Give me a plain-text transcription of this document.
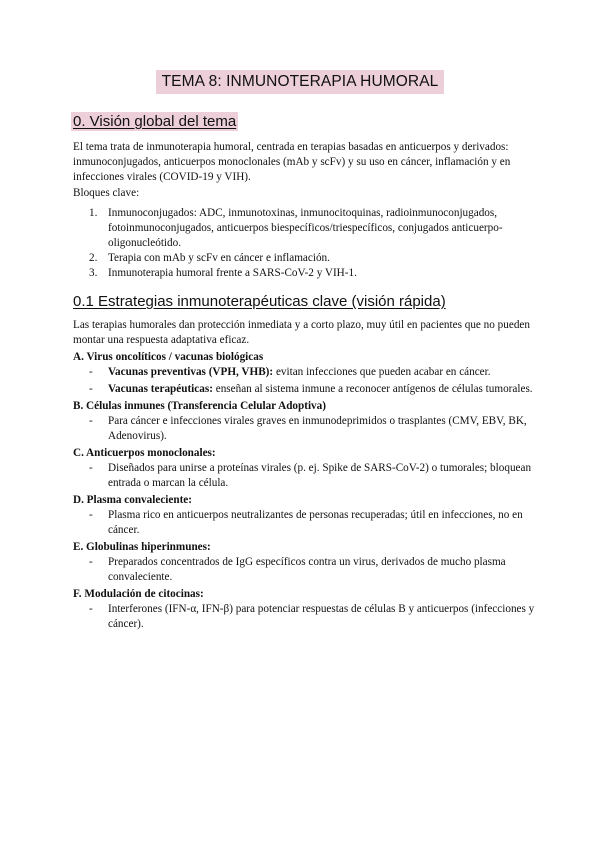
TEMA 8: INMUNOTERAPIA HUMORAL
0. Visión global del tema

El tema trata de inmunoterapia humoral, centrada en terapias basadas en anticuerpos y derivados: inmunoconjugados, anticuerpos monoclonales (mAb y scFv) y su uso en cáncer, inflamación y en infecciones virales (COVID-19 y VIH).

Bloques clave:

1. Inmunoconjugados: ADC, inmunotoxinas, inmunocitoquinas, radioinmunoconjugados, fotoinmunoconjugados, anticuerpos biespecíficos/triespecíficos, conjugados anticuerpo-oligonucleótido.
2. Terapia con mAb y scFv en cáncer e inflamación.
3. Inmunoterapia humoral frente a SARS-CoV-2 y VIH-1.
0.1 Estrategias inmunoterapéuticas clave (visión rápida)

Las terapias humorales dan protección inmediata y a corto plazo, muy útil en pacientes que no pueden montar una respuesta adaptativa eficaz.

A. Virus oncolíticos / vacunas biológicas
- Vacunas preventivas (VPH, VHB): evitan infecciones que pueden acabar en cáncer.
- Vacunas terapéuticas: enseñan al sistema inmune a reconocer antígenos de células tumorales.
B. Células inmunes (Transferencia Celular Adoptiva)
- Para cáncer e infecciones virales graves en inmunodeprimidos o trasplantes (CMV, EBV, BK, Adenovirus).
C. Anticuerpos monoclonales:
- Diseñados para unirse a proteínas virales (p. ej. Spike de SARS-CoV-2) o tumorales; bloquean entrada o marcan la célula.
D. Plasma convaleciente:
- Plasma rico en anticuerpos neutralizantes de personas recuperadas; útil en infecciones, no en cáncer.
E. Globulinas hiperinmunes:
- Preparados concentrados de IgG específicos contra un virus, derivados de mucho plasma convaleciente.
F. Modulación de citocinas:
- Interferones (IFN-α, IFN-β) para potenciar respuestas de células B y anticuerpos (infecciones y cáncer).
